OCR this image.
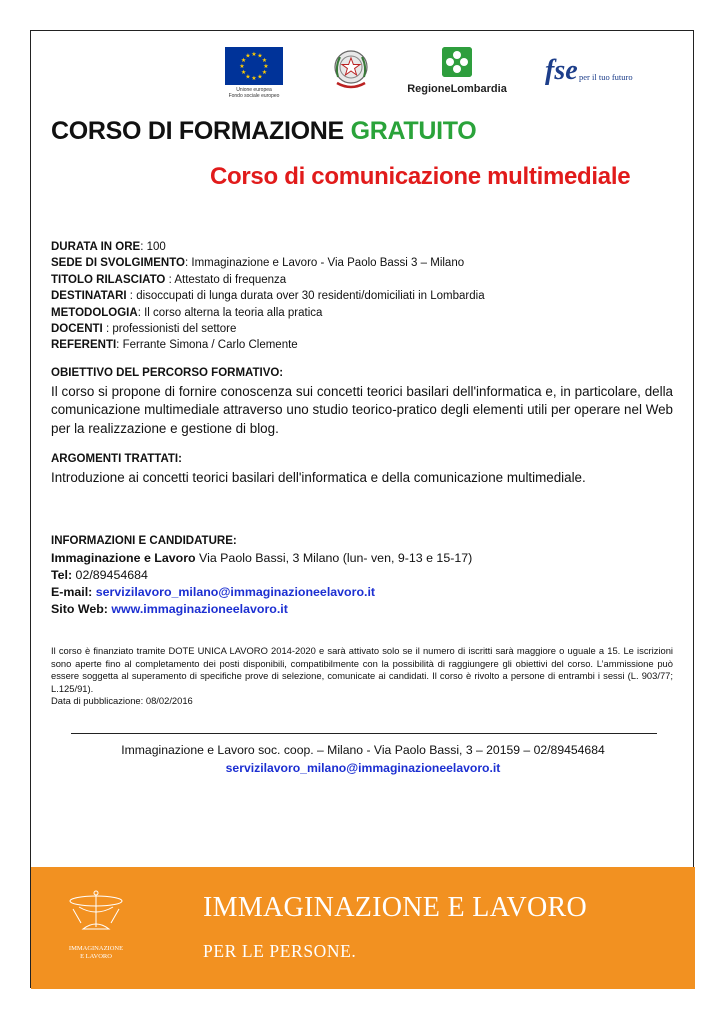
★ ★
★
★
★
★
★
★
★
★
★
★
Unione europea
Fondo sociale europeo
RegioneLombardia
fse per il tuo futuro
CORSO DI FORMAZIONE GRATUITO
Corso di comunicazione multimediale
DURATA IN ORE: 100
SEDE DI SVOLGIMENTO: Immaginazione e Lavoro - Via Paolo Bassi 3 – Milano
TITOLO RILASCIATO : Attestato di frequenza
DESTINATARI : disoccupati di lunga durata over 30 residenti/domiciliati in Lombardia
METODOLOGIA: Il corso alterna la teoria alla pratica
DOCENTI : professionisti del settore
REFERENTI: Ferrante Simona / Carlo Clemente
OBIETTIVO DEL PERCORSO FORMATIVO:
Il corso si propone di fornire conoscenza sui concetti teorici basilari dell'informatica e, in particolare, della comunicazione multimediale attraverso uno studio teorico-pratico degli elementi utili per operare nel Web per la realizzazione e gestione di blog.
ARGOMENTI TRATTATI:
Introduzione ai concetti teorici basilari dell'informatica e della comunicazione multimediale.
INFORMAZIONI E CANDIDATURE:
Immaginazione e Lavoro Via Paolo Bassi, 3 Milano (lun- ven, 9-13 e 15-17)
Tel: 02/89454684
E-mail: servizilavoro_milano@immaginazioneelavoro.it
Sito Web: www.immaginazioneelavoro.it
Il corso è finanziato tramite DOTE UNICA LAVORO 2014-2020 e sarà attivato solo se il numero di iscritti sarà maggiore o uguale a 15. Le iscrizioni sono aperte fino al completamento dei posti disponibili, compatibilmente con la possibilità di raggiungere gli obiettivi del corso. L’ammissione può essere soggetta al superamento di specifiche prove di selezione, comunicate ai candidati. Il corso è rivolto a persone di entrambi i sessi (L. 903/77; L.125/91).
Data di pubblicazione: 08/02/2016
Immaginazione e Lavoro soc. coop. – Milano - Via Paolo Bassi, 3 – 20159 – 02/89454684
servizilavoro_milano@immaginazioneelavoro.it
IMMAGINAZIONE
E LAVORO
IMMAGINAZIONE E LAVORO
PER LE PERSONE.
